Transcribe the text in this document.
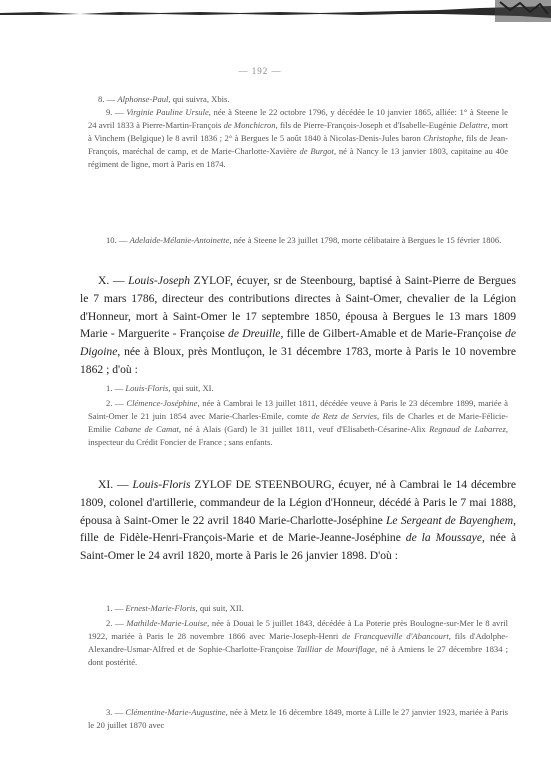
— 192 —

8. — Alphonse-Paul, qui suivra, Xbis.

9. — Virginie Pauline Ursule, née à Steene le 22 octobre 1796, y décédée le 10 janvier 1865, alliée: 1° à Steene le 24 avril 1833 à Pierre-Martin-François de Monchicron, fils de Pierre-François-Joseph et d'Isabelle-Eugénie Delattre, mort à Vinchem (Belgique) le 8 avril 1836 ; 2° à Bergues le 5 août 1840 à Nicolas-Denis-Jules baron Christophe, fils de Jean-François, maréchal de camp, et de Marie-Charlotte-Xavière de Burgot, né à Nancy le 13 janvier 1803, capitaine au 40e régiment de ligne, mort à Paris en 1874.

10. — Adelaide-Mélanie-Antoinette, née à Steene le 23 juillet 1798, morte célibataire à Bergues le 15 février 1806.

X. — Louis-Joseph ZYLOF, écuyer, sr de Steenbourg, baptisé à Saint-Pierre de Bergues le 7 mars 1786, directeur des contributions directes à Saint-Omer, chevalier de la Légion d'Honneur, mort à Saint-Omer le 17 septembre 1850, épousa à Bergues le 13 mars 1809 Marie - Marguerite - Françoise de Dreuille, fille de Gilbert-Amable et de Marie-Françoise de Digoine, née à Bloux, près Montluçon, le 31 décembre 1783, morte à Paris le 10 novembre 1862 ; d'où :

1. — Louis-Floris, qui suit, XI.

2. — Clémence-Joséphine, née à Cambrai le 13 juillet 1811, décédée veuve à Paris le 23 décembre 1899, mariée à Saint-Omer le 21 juin 1854 avec Marie-Charles-Emile, comte de Retz de Servies, fils de Charles et de Marie-Félicie-Emilie Cabane de Camat, né à Alais (Gard) le 31 juillet 1811, veuf d'Elisabeth-Césarine-Alix Regnaud de Labarrez, inspecteur du Crédit Foncier de France ; sans enfants.

XI. — Louis-Floris ZYLOF DE STEENBOURG, écuyer, né à Cambrai le 14 décembre 1809, colonel d'artillerie, commandeur de la Légion d'Honneur, décédé à Paris le 7 mai 1888, épousa à Saint-Omer le 22 avril 1840 Marie-Charlotte-Joséphine Le Sergeant de Bayenghem, fille de Fidèle-Henri-François-Marie et de Marie-Jeanne-Joséphine de la Moussaye, née à Saint-Omer le 24 avril 1820, morte à Paris le 26 janvier 1898. D'où :

1. — Ernest-Marie-Floris, qui suit, XII.

2. — Mathilde-Marie-Louise, née à Douai le 5 juillet 1843, décédée à La Poterie près Boulogne-sur-Mer le 8 avril 1922, mariée à Paris le 28 novembre 1866 avec Marie-Joseph-Henri de Francqueville d'Abancourt, fils d'Adolphe-Alexandre-Usmar-Alfred et de Sophie-Charlotte-Françoise Tailliar de Mouriflage, né à Amiens le 27 décembre 1834 ; dont postérité.

3. — Clémentine-Marie-Augustine, née à Metz le 16 décembre 1849, morte à Lille le 27 janvier 1923, mariée à Paris le 20 juillet 1870 avec
